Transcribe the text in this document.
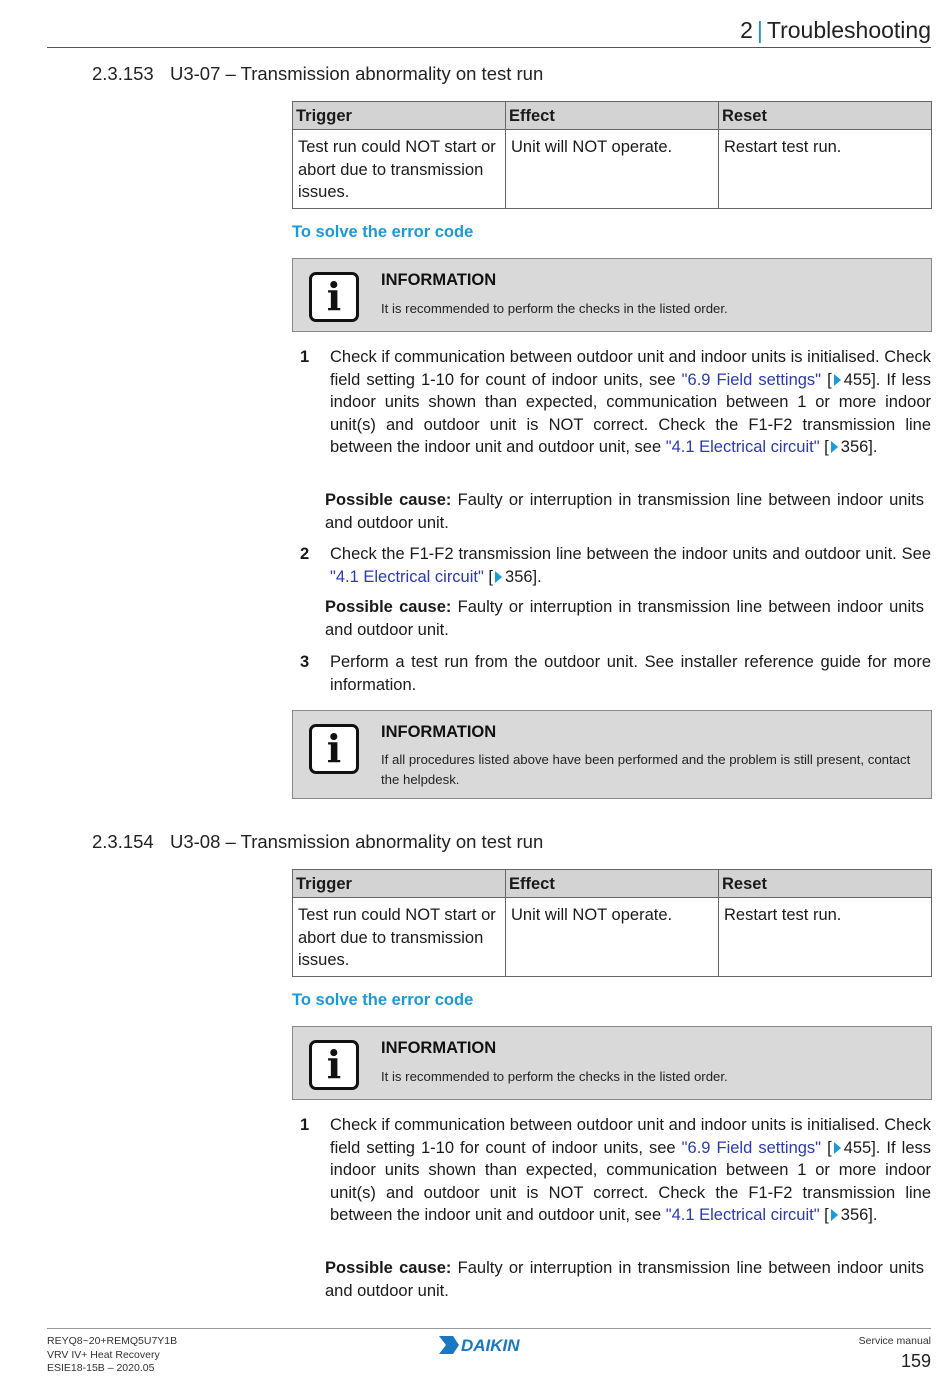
2 | Troubleshooting
2.3.153 U3-07 – Transmission abnormality on test run
Trigger	Effect	Reset
Test run could NOT start or abort due to transmission issues.	Unit will NOT operate.	Restart test run.
To solve the error code
i	INFORMATION
It is recommended to perform the checks in the listed order.
1 Check if communication between outdoor unit and indoor units is initialised. Check field setting 1-10 for count of indoor units, see "6.9 Field settings" [ 455]. If less indoor units shown than expected, communication between 1 or more indoor unit(s) and outdoor unit is NOT correct. Check the F1-F2 transmission line between the indoor unit and outdoor unit, see "4.1 Electrical circuit" [ 356].
Possible cause: Faulty or interruption in transmission line between indoor units and outdoor unit.
2 Check the F1-F2 transmission line between the indoor units and outdoor unit. See "4.1 Electrical circuit" [ 356].
Possible cause: Faulty or interruption in transmission line between indoor units and outdoor unit.
3 Perform a test run from the outdoor unit. See installer reference guide for more information.
i	INFORMATION
If all procedures listed above have been performed and the problem is still present, contact the helpdesk.
2.3.154 U3-08 – Transmission abnormality on test run
Trigger	Effect	Reset
Test run could NOT start or abort due to transmission issues.	Unit will NOT operate.	Restart test run.
To solve the error code
i	INFORMATION
It is recommended to perform the checks in the listed order.
1 Check if communication between outdoor unit and indoor units is initialised. Check field setting 1-10 for count of indoor units, see "6.9 Field settings" [ 455]. If less indoor units shown than expected, communication between 1 or more indoor unit(s) and outdoor unit is NOT correct. Check the F1-F2 transmission line between the indoor unit and outdoor unit, see "4.1 Electrical circuit" [ 356].
Possible cause: Faulty or interruption in transmission line between indoor units and outdoor unit.
REYQ8~20+REMQ5U7Y1B
VRV IV+ Heat Recovery
ESIE18-15B – 2020.05
DAIKIN	Service manual
159
